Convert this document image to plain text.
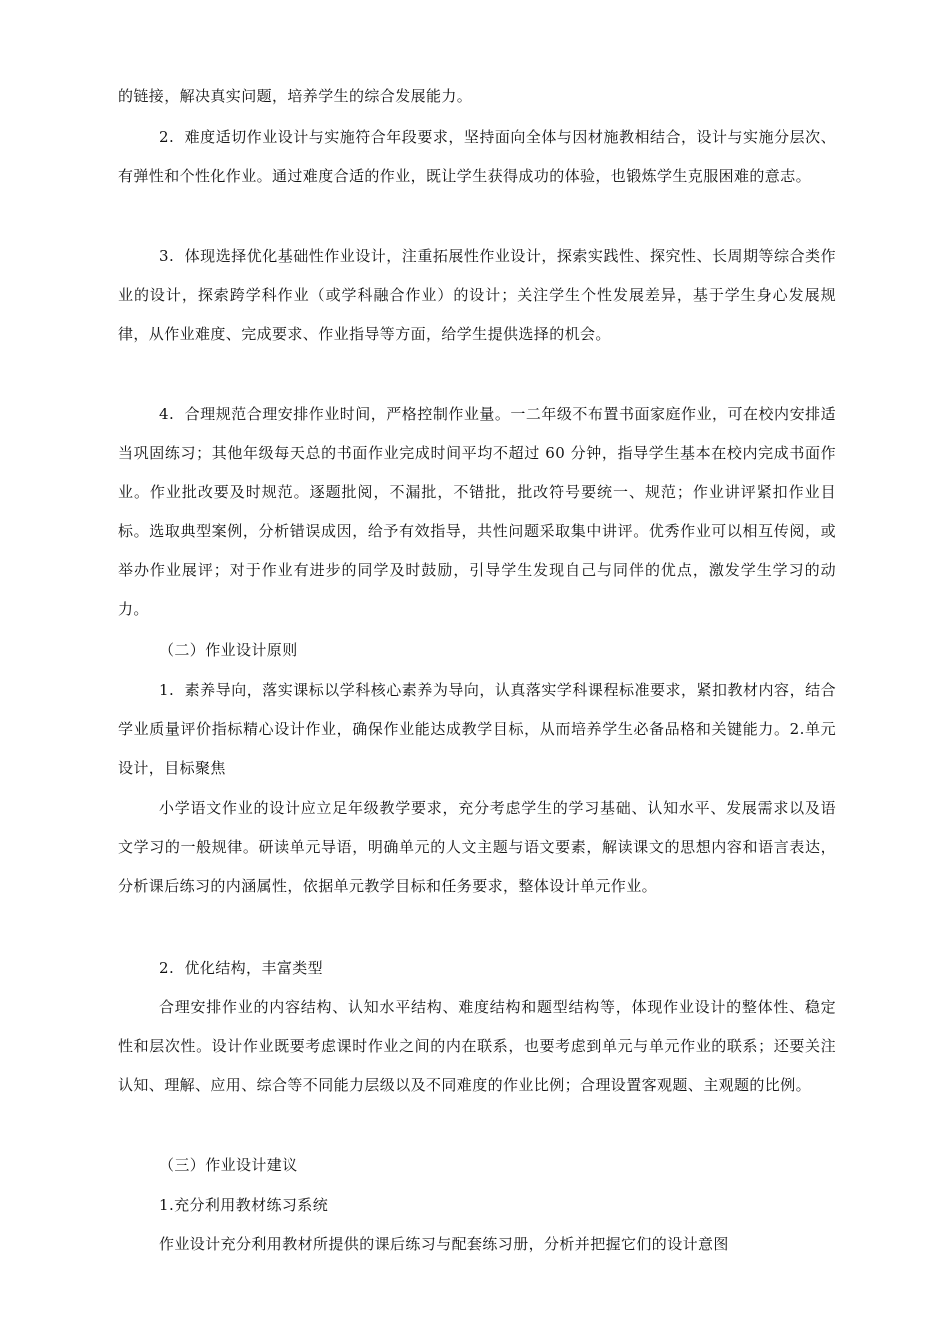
的链接，解决真实问题，培养学生的综合发展能力。

2.  难度适切作业设计与实施符合年段要求，坚持面向全体与因材施教相结合，设计与实施分层次、有弹性和个性化作业。通过难度合适的作业，既让学生获得成功的体验，也锻炼学生克服困难的意志。

3.  体现选择优化基础性作业设计，注重拓展性作业设计，探索实践性、探究性、长周期等综合类作业的设计，探索跨学科作业（或学科融合作业）的设计；关注学生个性发展差异，基于学生身心发展规律，从作业难度、完成要求、作业指导等方面，给学生提供选择的机会。

4.  合理规范合理安排作业时间，严格控制作业量。一二年级不布置书面家庭作业，可在校内安排适当巩固练习；其他年级每天总的书面作业完成时间平均不超过 60 分钟，指导学生基本在校内完成书面作业。作业批改要及时规范。逐题批阅，不漏批，不错批，批改符号要统一、规范；作业讲评紧扣作业目标。选取典型案例，分析错误成因，给予有效指导，共性问题采取集中讲评。优秀作业可以相互传阅，或举办作业展评；对于作业有进步的同学及时鼓励，引导学生发现自己与同伴的优点，激发学生学习的动力。

（二）作业设计原则

1.  素养导向，落实课标以学科核心素养为导向，认真落实学科课程标准要求，紧扣教材内容，结合学业质量评价指标精心设计作业，确保作业能达成教学目标，从而培养学生必备品格和关键能力。2.单元设计，目标聚焦

小学语文作业的设计应立足年级教学要求，充分考虑学生的学习基础、认知水平、发展需求以及语文学习的一般规律。研读单元导语，明确单元的人文主题与语文要素，解读课文的思想内容和语言表达，分析课后练习的内涵属性，依据单元教学目标和任务要求，整体设计单元作业。

2.  优化结构，丰富类型

合理安排作业的内容结构、认知水平结构、难度结构和题型结构等，体现作业设计的整体性、稳定性和层次性。设计作业既要考虑课时作业之间的内在联系，也要考虑到单元与单元作业的联系；还要关注认知、理解、应用、综合等不同能力层级以及不同难度的作业比例；合理设置客观题、主观题的比例。

（三）作业设计建议

1.充分利用教材练习系统

作业设计充分利用教材所提供的课后练习与配套练习册，分析并把握它们的设计意图
